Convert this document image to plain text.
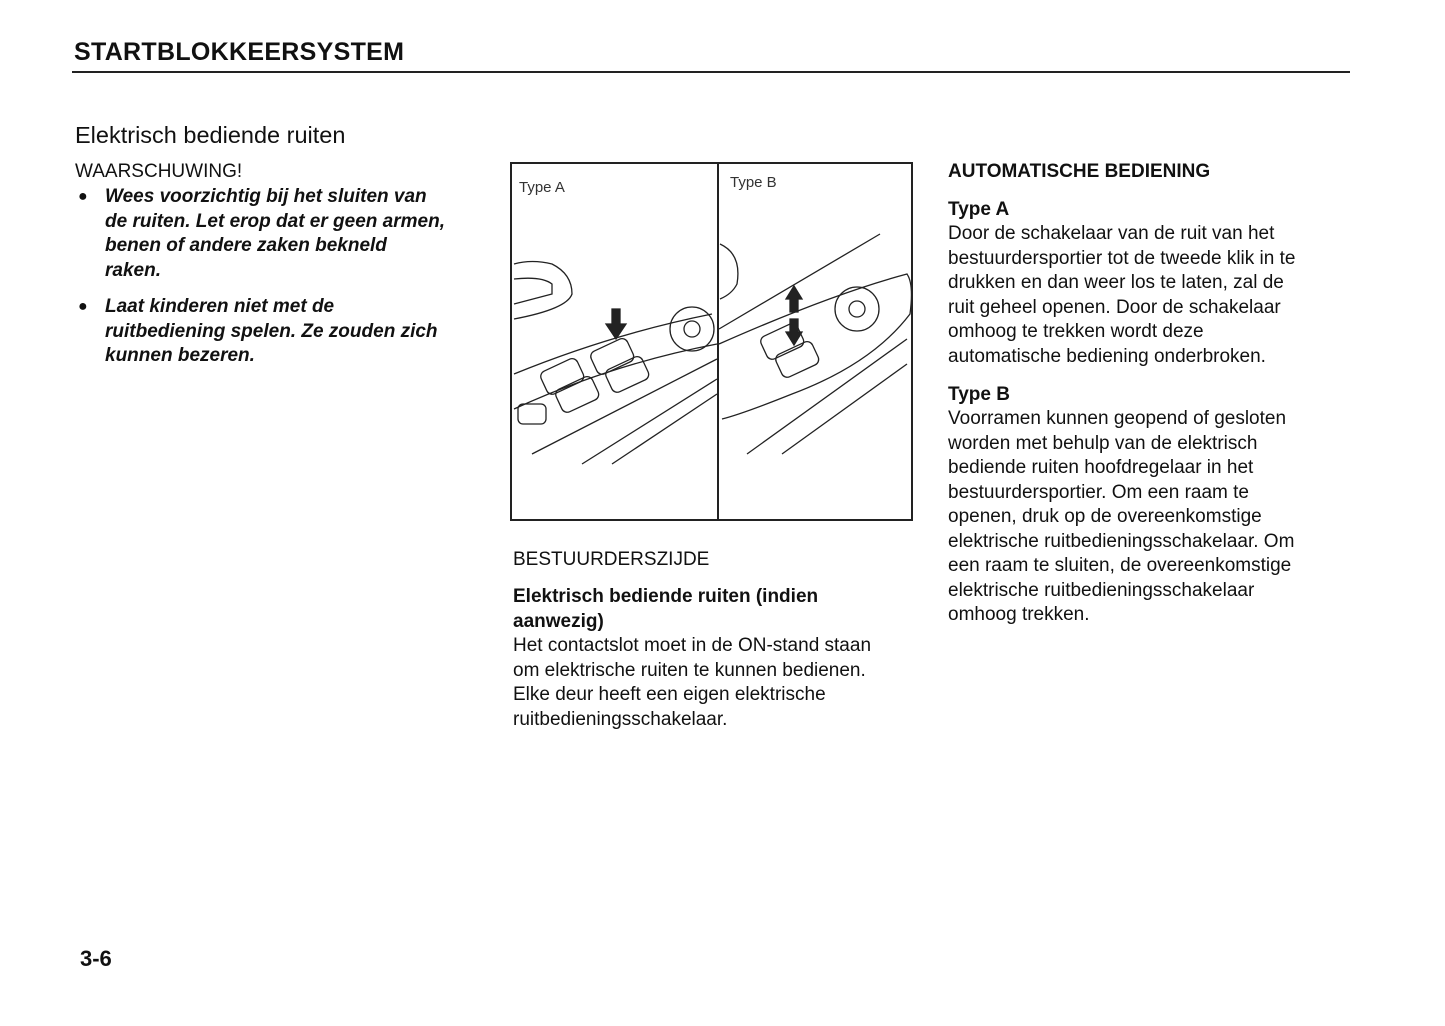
STARTBLOKKEERSYSTEM
Elektrisch bediende ruiten
WAARSCHUWING!
● Wees voorzichtig bij het sluiten van
de ruiten. Let erop dat er geen armen,
benen of andere zaken bekneld
raken.
● Laat kinderen niet met de
ruitbediening spelen. Ze zouden zich
kunnen bezeren.
Type A	Type B
BESTUURDERSZIJDE
Elektrisch bediende ruiten (indien
aanwezig)
Het contactslot moet in de ON-stand staan
om elektrische ruiten te kunnen bedienen.
Elke deur heeft een eigen elektrische
ruitbedieningsschakelaar.
AUTOMATISCHE BEDIENING
Type A
Door de schakelaar van de ruit van het
bestuurdersportier tot de tweede klik in te
drukken en dan weer los te laten, zal de
ruit geheel openen. Door de schakelaar
omhoog te trekken wordt deze
automatische bediening onderbroken.
Type B
Voorramen kunnen geopend of gesloten
worden met behulp van de elektrisch
bediende ruiten hoofdregelaar in het
bestuurdersportier. Om een raam te
openen, druk op de overeenkomstige
elektrische ruitbedieningsschakelaar. Om
een raam te sluiten, de overeenkomstige
elektrische ruitbedieningsschakelaar
omhoog trekken.
3-6
